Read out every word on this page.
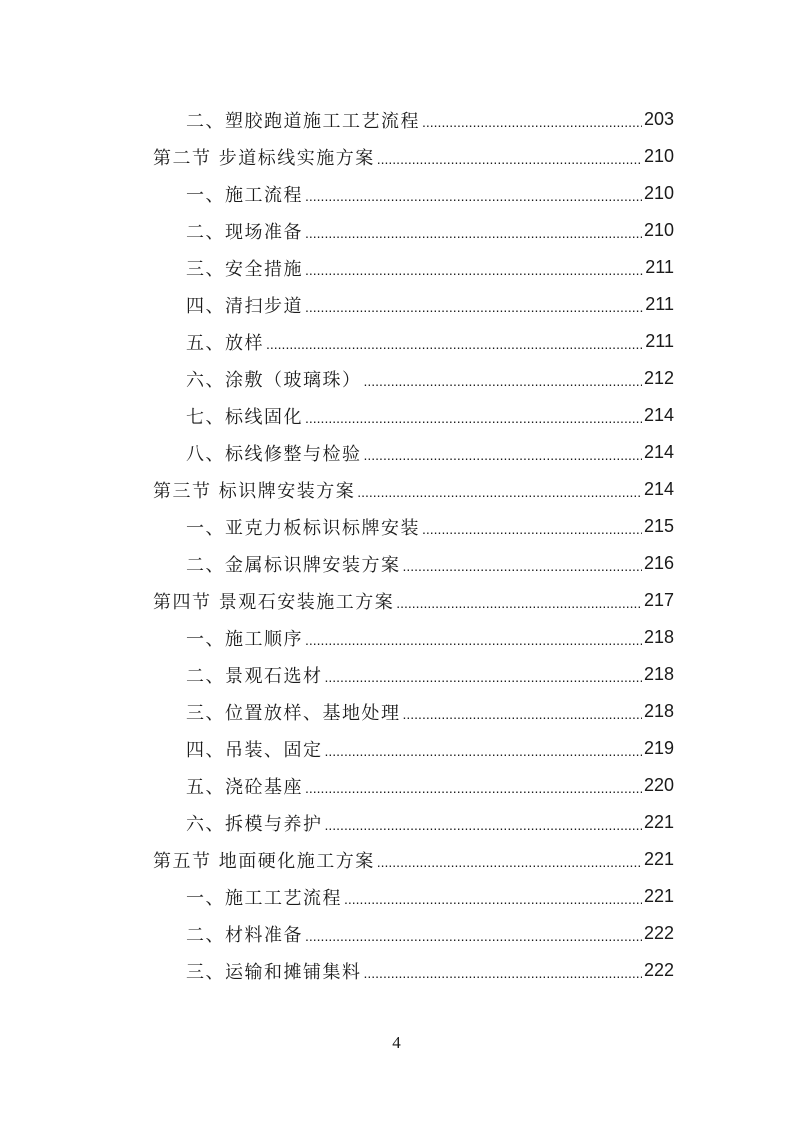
二、塑胶跑道施工工艺流程 .....	203
第二节 步道标线实施方案 .....	210
一、施工流程 .....	210
二、现场准备 .....	210
三、安全措施 .....	211
四、清扫步道 .....	211
五、放样 .....	211
六、涂敷（玻璃珠） .....	212
七、标线固化 .....	214
八、标线修整与检验 .....	214
第三节 标识牌安装方案 .....	214
一、亚克力板标识标牌安装 .....	215
二、金属标识牌安装方案 .....	216
第四节 景观石安装施工方案 .....	217
一、施工顺序 .....	218
二、景观石选材 .....	218
三、位置放样、基地处理 .....	218
四、吊装、固定 .....	219
五、浇砼基座 .....	220
六、拆模与养护 .....	221
第五节 地面硬化施工方案 .....	221
一、施工工艺流程 .....	221
二、材料准备 .....	222
三、运输和摊铺集料 .....	222
4
